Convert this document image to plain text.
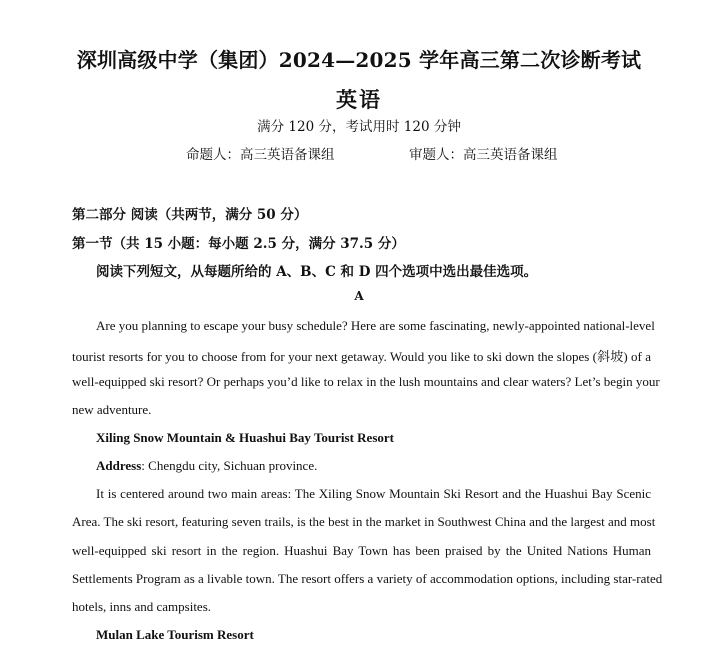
深圳高级中学（集团）2024—2025 学年高三第二次诊断考试
英语
满分 120 分，考试用时 120 分钟
命题人：高三英语备课组	审题人：高三英语备课组
第二部分 阅读（共两节，满分 50 分）
第一节（共 15 小题：每小题 2.5 分，满分 37.5 分）
阅读下列短文，从每题所给的 A、B、C 和 D 四个选项中选出最佳选项。
A
Are you planning to escape your busy schedule? Here are some fascinating, newly-appointed national-level
tourist resorts for you to choose from for your next getaway. Would you like to ski down the slopes (斜坡) of a
well-equipped ski resort? Or perhaps you’d like to relax in the lush mountains and clear waters? Let’s begin your
new adventure.
Xiling Snow Mountain & Huashui Bay Tourist Resort
Address: Chengdu city, Sichuan province.
It is centered around two main areas: The Xiling Snow Mountain Ski Resort and the Huashui Bay Scenic
Area. The ski resort, featuring seven trails, is the best in the market in Southwest China and the largest and most
well-equipped ski resort in the region. Huashui Bay Town has been praised by the United Nations Human
Settlements Program as a livable town. The resort offers a variety of accommodation options, including star-rated
hotels, inns and campsites.
Mulan Lake Tourism Resort
